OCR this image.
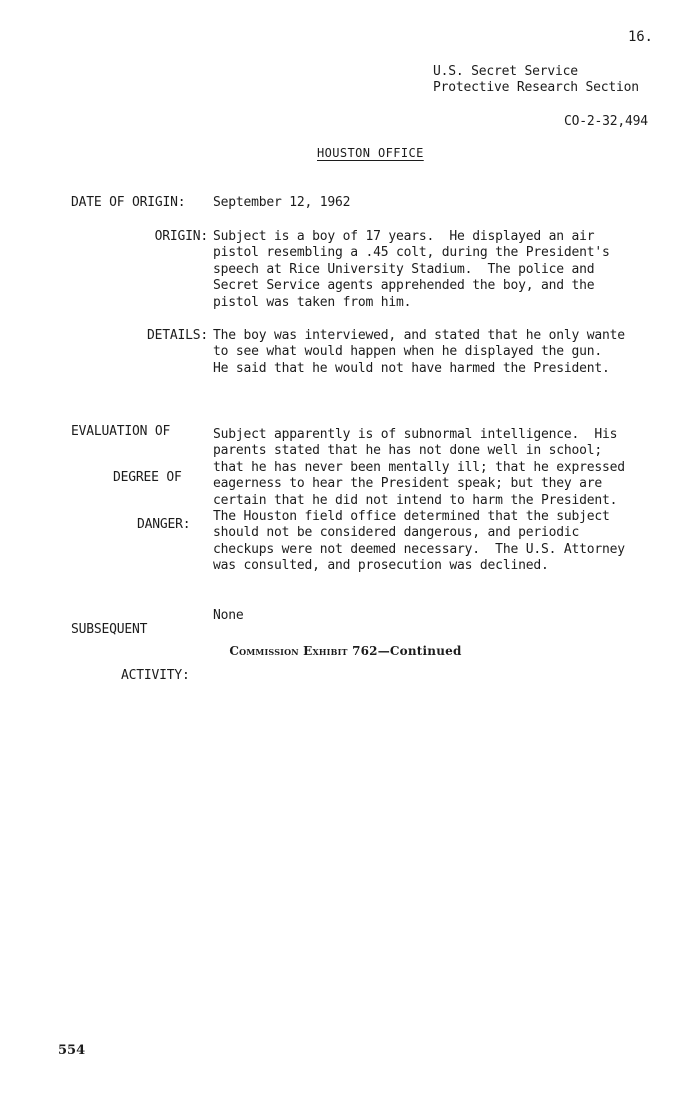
16.
U.S. Secret Service
Protective Research Section
CO-2-32,494
HOUSTON OFFICE
DATE OF ORIGIN: September 12, 1962
ORIGIN: Subject is a boy of 17 years.  He displayed an air
pistol resembling a .45 colt, during the President's
speech at Rice University Stadium.  The police and
Secret Service agents apprehended the boy, and the
pistol was taken from him.
DETAILS: The boy was interviewed, and stated that he only wante
to see what would happen when he displayed the gun.
He said that he would not have harmed the President.

EVALUATION OF

DEGREE OF

DANGER:

Subject apparently is of subnormal intelligence.  His
parents stated that he has not done well in school;
that he has never been mentally ill; that he expressed
eagerness to hear the President speak; but they are
certain that he did not intend to harm the President.
The Houston field office determined that the subject
should not be considered dangerous, and periodic
checkups were not deemed necessary.  The U.S. Attorney
was consulted, and prosecution was declined.

SUBSEQUENT

ACTIVITY:

None
Commission Exhibit 762—Continued
554
